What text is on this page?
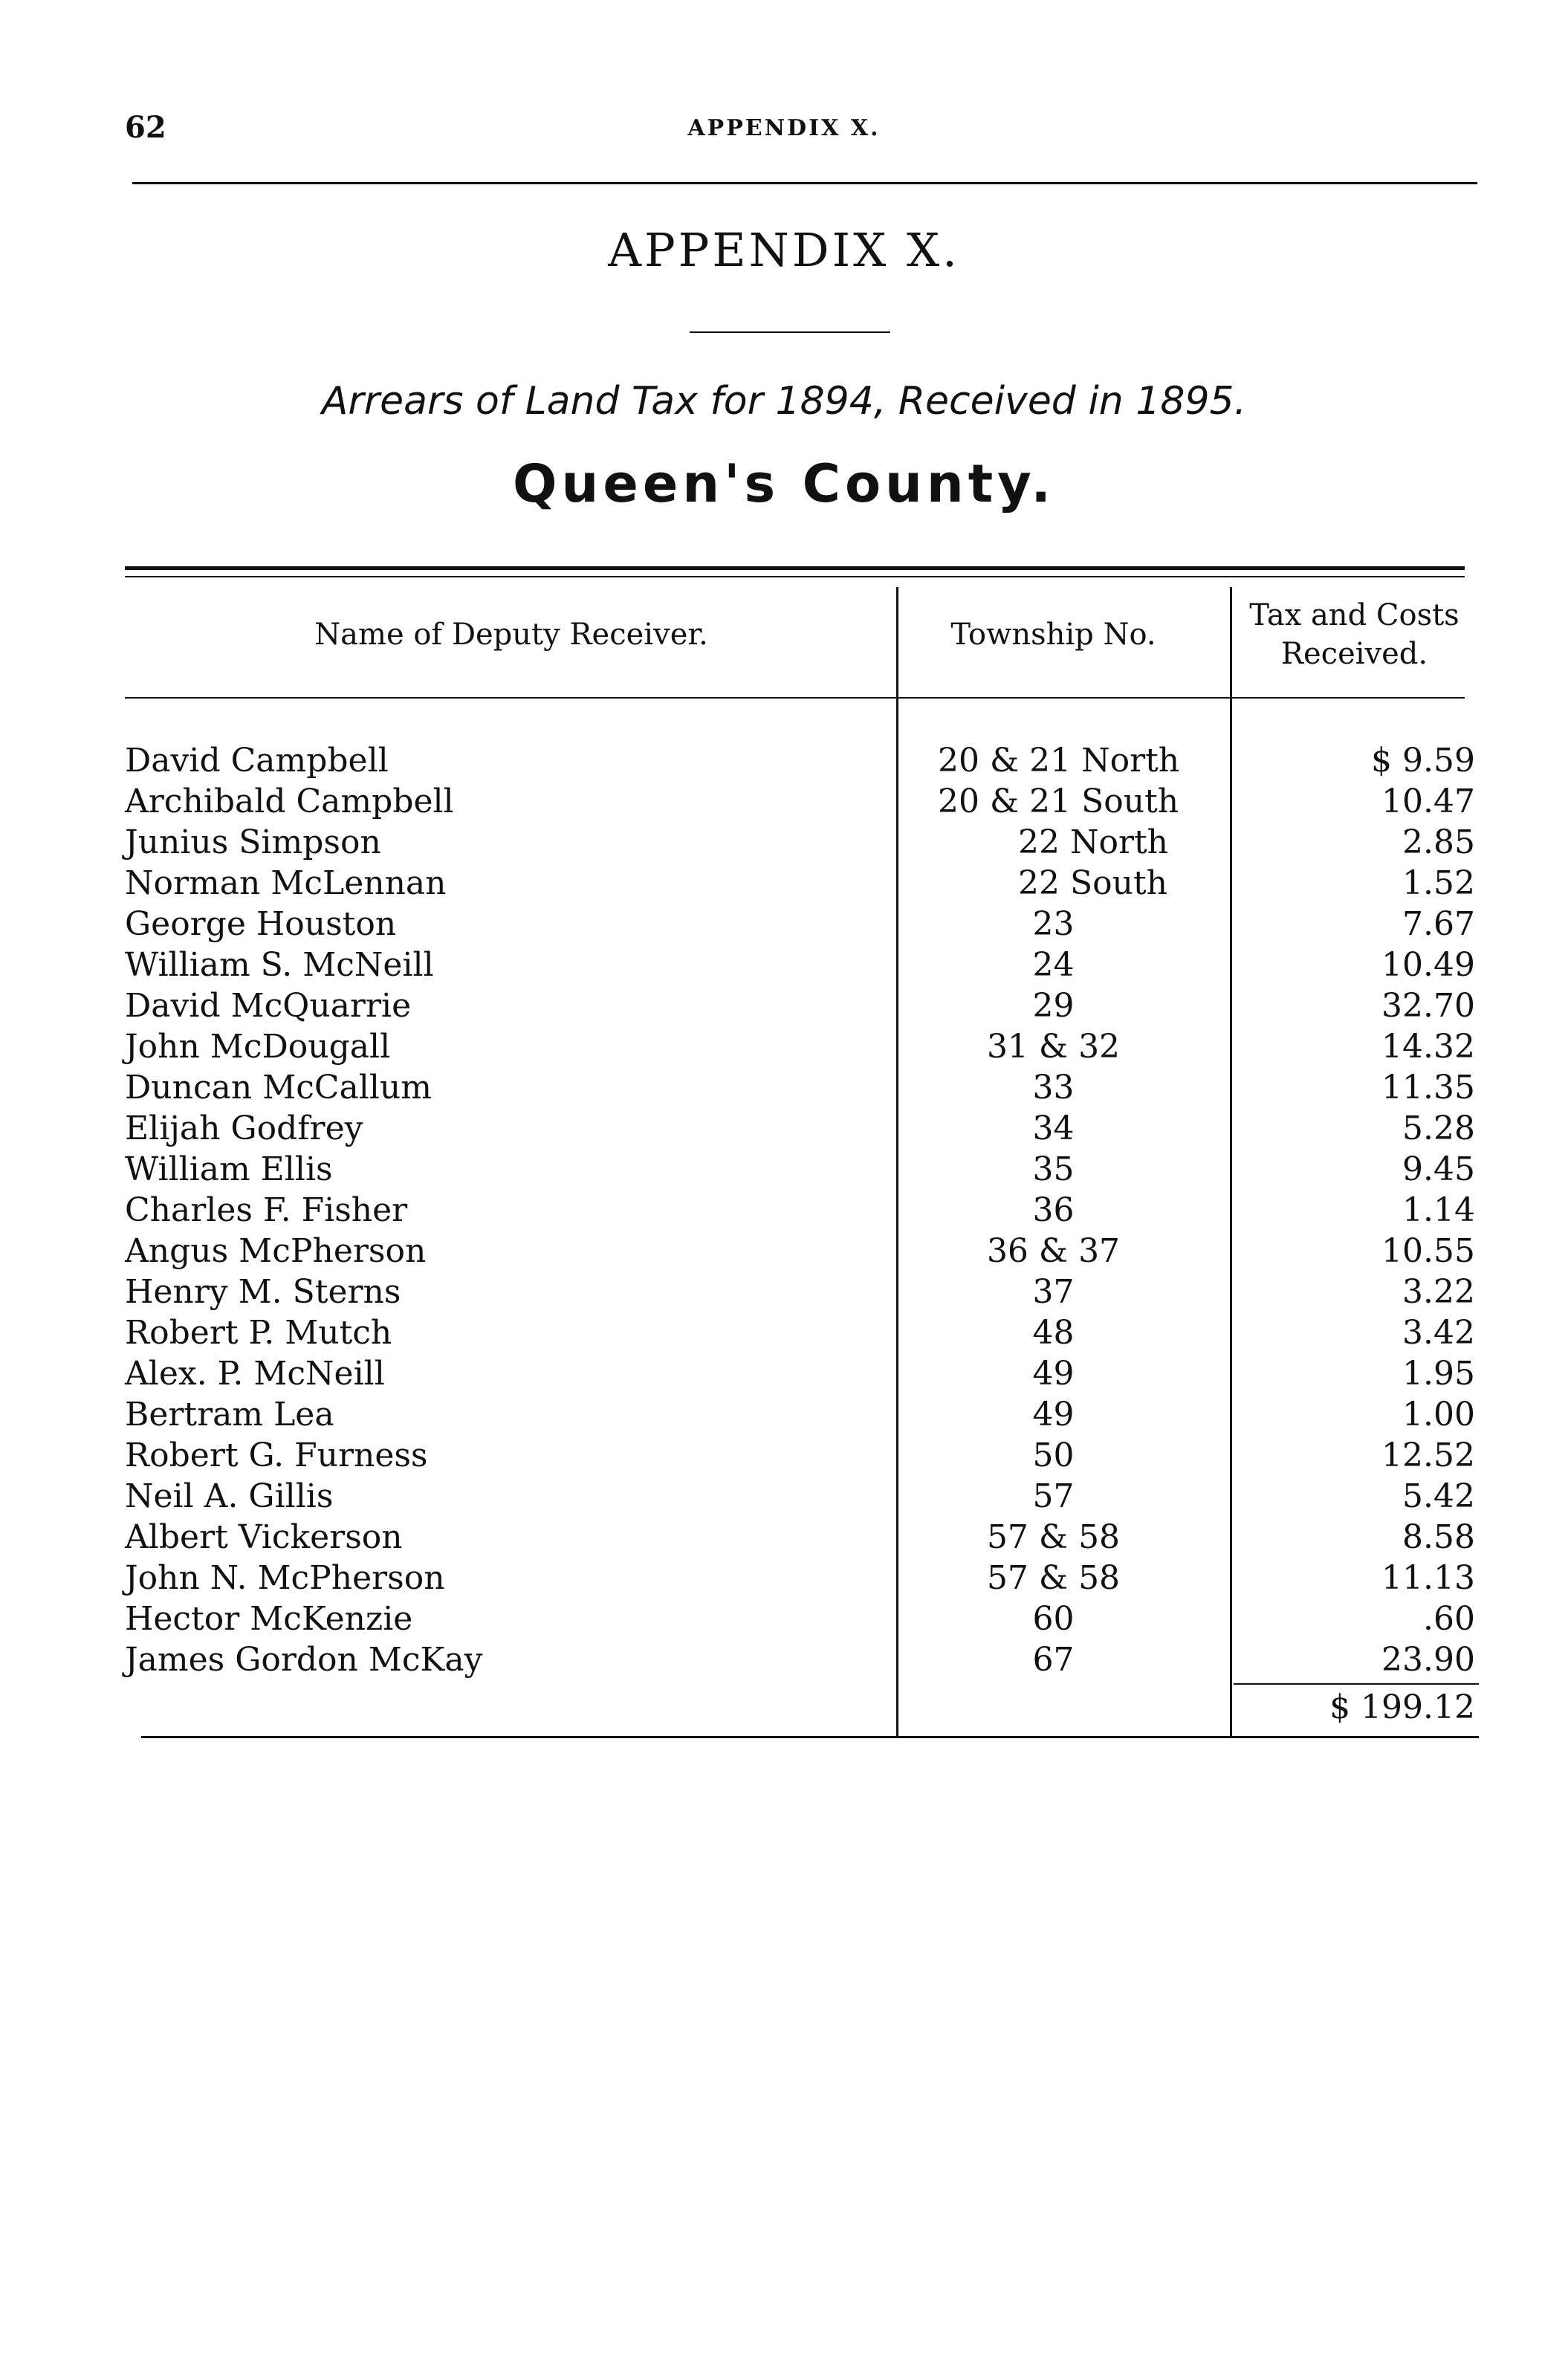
62	APPENDIX X.
APPENDIX X.
Arrears of Land Tax for 1894, Received in 1895.
Queen's County.
Name of Deputy Receiver.	Township No.
Tax and Costs
Received.
David Campbell	20 & 21 North	$ 9.59
Archibald Campbell	20 & 21 South	10.47
Junius Simpson	22 North	2.85
Norman McLennan	22 South	1.52
George Houston	23	7.67
William S. McNeill	24	10.49
David McQuarrie	29	32.70
John McDougall	31 & 32	14.32
Duncan McCallum	33	11.35
Elijah Godfrey	34	5.28
William Ellis	35	9.45
Charles F. Fisher	36	1.14
Angus McPherson	36 & 37	10.55
Henry M. Sterns	37	3.22
Robert P. Mutch	48	3.42
Alex. P. McNeill	49	1.95
Bertram Lea	49	1.00
Robert G. Furness	50	12.52
Neil A. Gillis	57	5.42
Albert Vickerson	57 & 58	8.58
John N. McPherson	57 & 58	11.13
Hector McKenzie	60	.60
James Gordon McKay	67	23.90
$ 199.12
